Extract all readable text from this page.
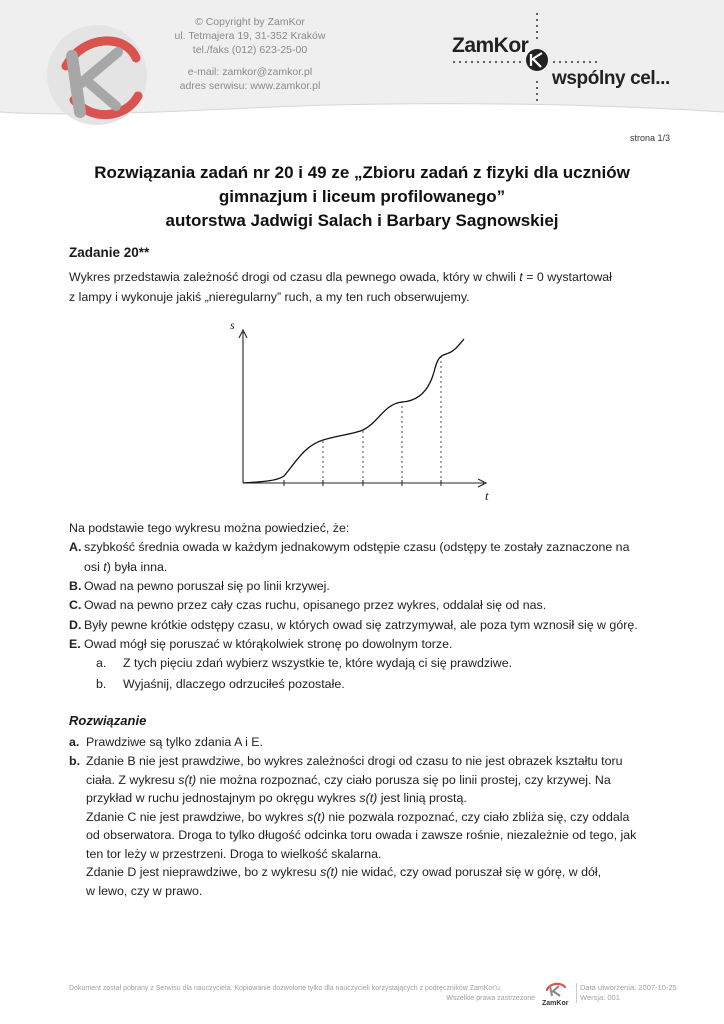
© Copyright by ZamKor
ul. Tetmajera 19, 31-352 Kraków
tel./faks (012) 623-25-00
e-mail: zamkor@zamkor.pl
adres serwisu: www.zamkor.pl
ZamKor
wspólny cel...
strona 1/3
Rozwiązania zadań nr 20 i 49 ze „Zbioru zadań z fizyki dla uczniów
gimnazjum i liceum profilowanego”
autorstwa Jadwigi Salach i Barbary Sagnowskiej
Zadanie 20**
Wykres przedstawia zależność drogi od czasu dla pewnego owada, który w chwili t = 0 wystartował
z lampy i wykonuje jakiś „nieregularny” ruch, a my ten ruch obserwujemy.
s
t
Na podstawie tego wykresu można powiedzieć, że:
A. szybkość średnia owada w każdym jednakowym odstępie czasu (odstępy te zostały zaznaczone na
osi t) była inna.
B. Owad na pewno poruszał się po linii krzywej.
C. Owad na pewno przez cały czas ruchu, opisanego przez wykres, oddalał się od nas.
D. Były pewne krótkie odstępy czasu, w których owad się zatrzymywał, ale poza tym wznosił się w górę.
E. Owad mógł się poruszać w którąkolwiek stronę po dowolnym torze.
a. Z tych pięciu zdań wybierz wszystkie te, które wydają ci się prawdziwe.
b. Wyjaśnij, dlaczego odrzuciłeś pozostałe.
Rozwiązanie
a. Prawdziwe są tylko zdania A i E.
b. Zdanie B nie jest prawdziwe, bo wykres zależności drogi od czasu to nie jest obrazek kształtu toru
ciała. Z wykresu s(t) nie można rozpoznać, czy ciało porusza się po linii prostej, czy krzywej. Na
przykład w ruchu jednostajnym po okręgu wykres s(t) jest linią prostą.
Zdanie C nie jest prawdziwe, bo wykres s(t) nie pozwala rozpoznać, czy ciało zbliża się, czy oddala
od obserwatora. Droga to tylko długość odcinka toru owada i zawsze rośnie, niezależnie od tego, jak
ten tor leży w przestrzeni. Droga to wielkość skalarna.
Zdanie D jest nieprawdziwe, bo z wykresu s(t) nie widać, czy owad poruszał się w górę, w dół,
w lewo, czy w prawo.
Dokument został pobrany z Serwisu dla nauczyciela. Kopiowanie dozwolone tylko dla nauczycieli korzystających z podręczników ZamKor'u.
Wszelkie prawa zastrzeżone
ZamKor
Data utworzenia: 2007-10-25
Wersja: 001
